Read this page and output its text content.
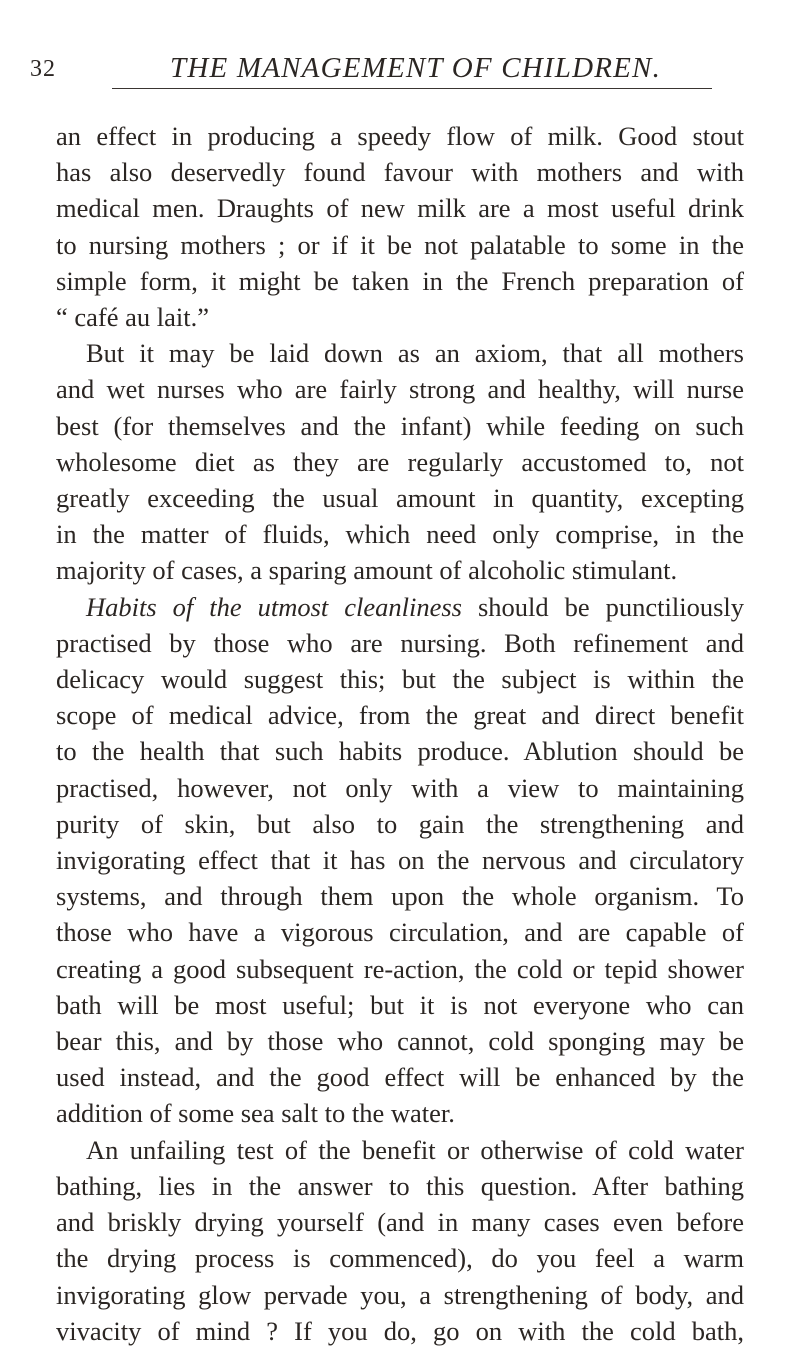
32	THE MANAGEMENT OF CHILDREN.

an effect in producing a speedy flow of milk. Good stout
has also deservedly found favour with mothers and with
medical men. Draughts of new milk are a most useful drink
to nursing mothers ; or if it be not palatable to some in the
simple form, it might be taken in the French preparation of
“ café au lait.”

But it may be laid down as an axiom, that all mothers
and wet nurses who are fairly strong and healthy, will nurse
best (for themselves and the infant) while feeding on such
wholesome diet as they are regularly accustomed to, not
greatly exceeding the usual amount in quantity, excepting
in the matter of fluids, which need only comprise, in the
majority of cases, a sparing amount of alcoholic stimulant.

Habits of the utmost cleanliness should be punctiliously
practised by those who are nursing. Both refinement and
delicacy would suggest this; but the subject is within the
scope of medical advice, from the great and direct benefit
to the health that such habits produce. Ablution should be
practised, however, not only with a view to maintaining
purity of skin, but also to gain the strengthening and
invigorating effect that it has on the nervous and circulatory
systems, and through them upon the whole organism. To
those who have a vigorous circulation, and are capable of
creating a good subsequent re-action, the cold or tepid shower
bath will be most useful; but it is not everyone who can
bear this, and by those who cannot, cold sponging may be
used instead, and the good effect will be enhanced by the
addition of some sea salt to the water.

An unfailing test of the benefit or otherwise of cold water
bathing, lies in the answer to this question. After bathing
and briskly drying yourself (and in many cases even before
the drying process is commenced), do you feel a warm
invigorating glow pervade you, a strengthening of body, and
vivacity of mind ? If you do, go on with the cold bath,
